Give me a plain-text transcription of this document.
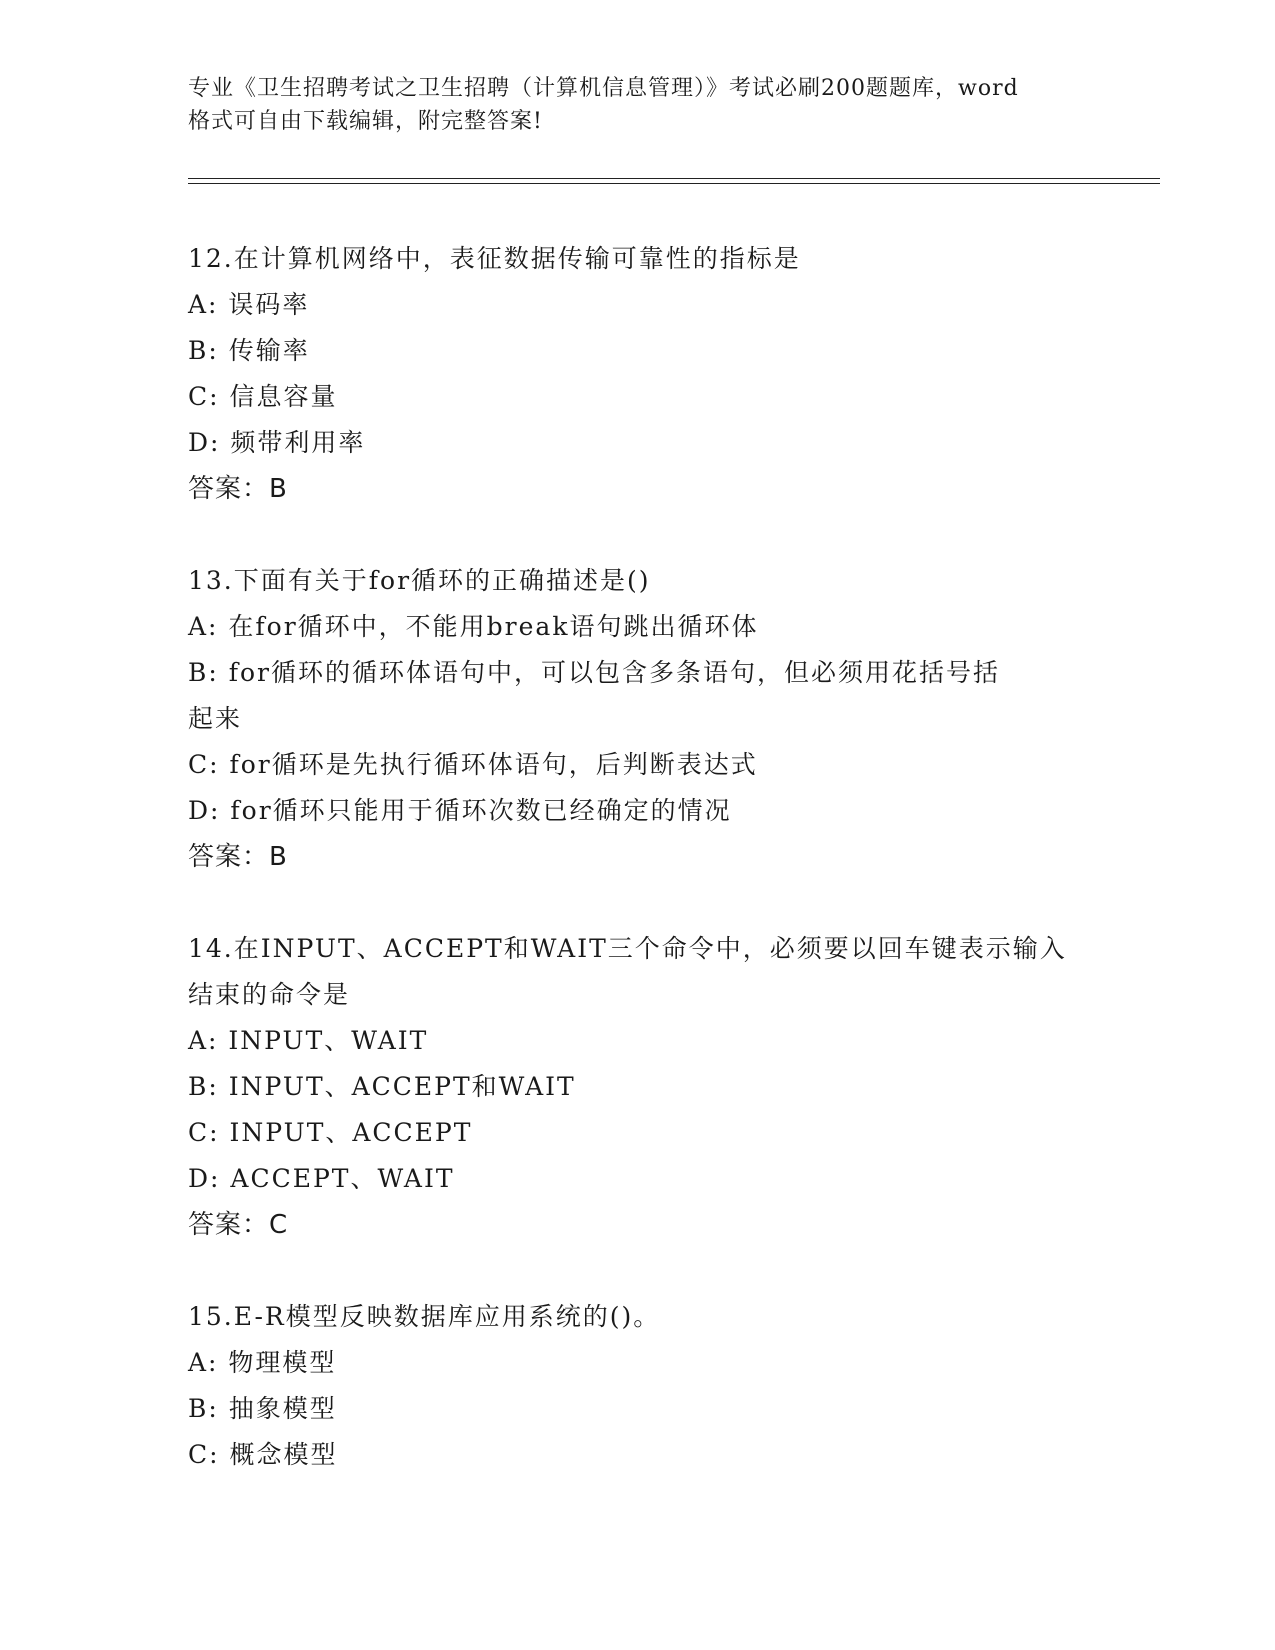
专业《卫生招聘考试之卫生招聘（计算机信息管理）》考试必刷200题题库，word
格式可自由下载编辑，附完整答案!

12.在计算机网络中，表征数据传输可靠性的指标是

A: 误码率

B: 传输率

C: 信息容量

D: 频带利用率

答案：B

13.下面有关于for循环的正确描述是()

A: 在for循环中，不能用break语句跳出循环体

B: for循环的循环体语句中，可以包含多条语句，但必须用花括号括

起来

C: for循环是先执行循环体语句，后判断表达式

D: for循环只能用于循环次数已经确定的情况

答案：B

14.在INPUT、ACCEPT和WAIT三个命令中，必须要以回车键表示输入

结束的命令是

A: INPUT、WAIT

B: INPUT、ACCEPT和WAIT

C: INPUT、ACCEPT

D: ACCEPT、WAIT

答案：C

15.E-R模型反映数据库应用系统的()。

A: 物理模型

B: 抽象模型

C: 概念模型
